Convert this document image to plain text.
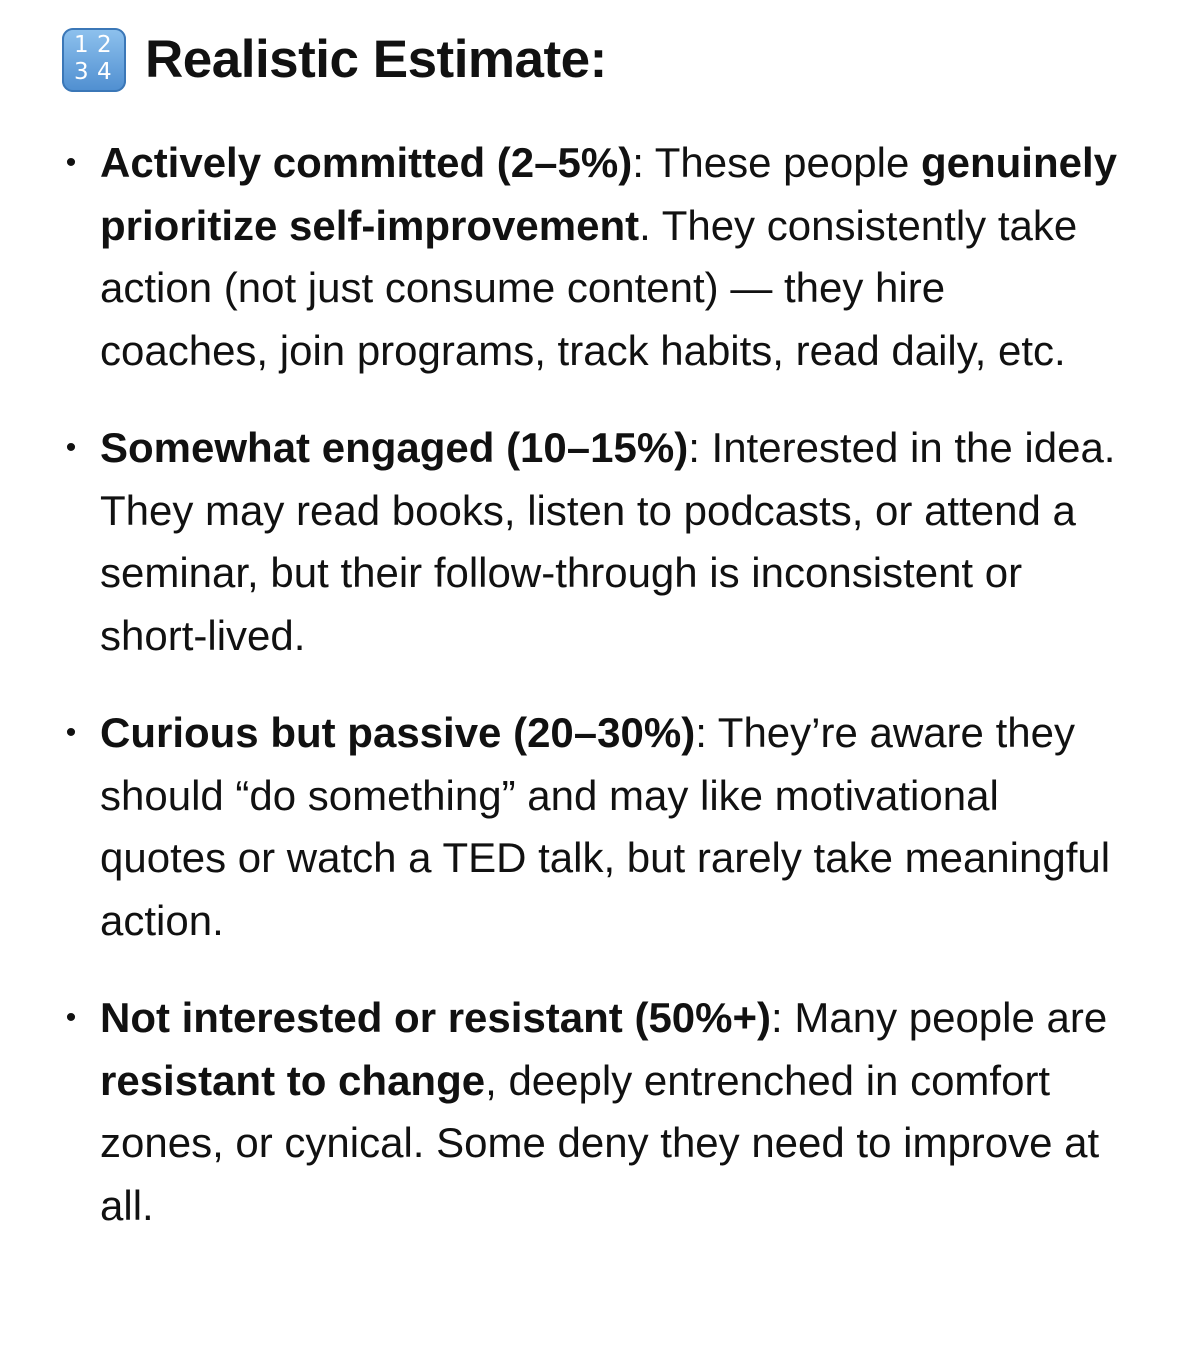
1 2
3 4 Realistic Estimate:
• Actively committed (2–5%): These people genuinely prioritize self-improvement. They consistently take action (not just consume content) — they hire coaches, join programs, track habits, read daily, etc.
• Somewhat engaged (10–15%): Interested in the idea. They may read books, listen to podcasts, or attend a seminar, but their follow-through is inconsistent or short-lived.
• Curious but passive (20–30%): They’re aware they should “do something” and may like motivational quotes or watch a TED talk, but rarely take meaningful action.
• Not interested or resistant (50%+): Many people are resistant to change, deeply entrenched in comfort zones, or cynical. Some deny they need to improve at all.
